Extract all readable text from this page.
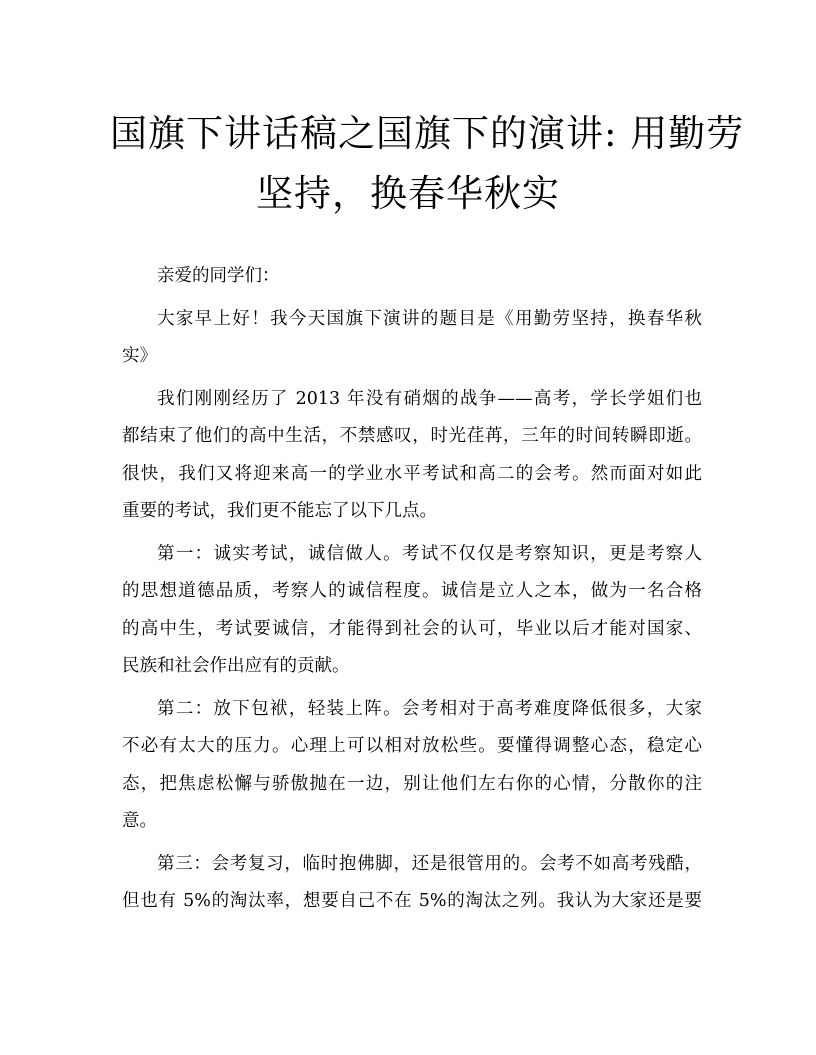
国旗下讲话稿之国旗下的演讲: 用勤劳
坚持，换春华秋实

亲爱的同学们：

大家早上好！我今天国旗下演讲的题目是《用勤劳坚持，换春华秋
实》

我们刚刚经历了 2013 年没有硝烟的战争——高考，学长学姐们也
都结束了他们的高中生活，不禁感叹，时光荏苒，三年的时间转瞬即逝。
很快，我们又将迎来高一的学业水平考试和高二的会考。然而面对如此
重要的考试，我们更不能忘了以下几点。

第一：诚实考试，诚信做人。考试不仅仅是考察知识，更是考察人
的思想道德品质，考察人的诚信程度。诚信是立人之本，做为一名合格
的高中生，考试要诚信，才能得到社会的认可，毕业以后才能对国家、
民族和社会作出应有的贡献。

第二：放下包袱，轻装上阵。会考相对于高考难度降低很多，大家
不必有太大的压力。心理上可以相对放松些。要懂得调整心态，稳定心
态，把焦虑松懈与骄傲抛在一边，别让他们左右你的心情，分散你的注
意。

第三：会考复习，临时抱佛脚，还是很管用的。会考不如高考残酷，
但也有 5%的淘汰率，想要自己不在 5%的淘汰之列。我认为大家还是要
